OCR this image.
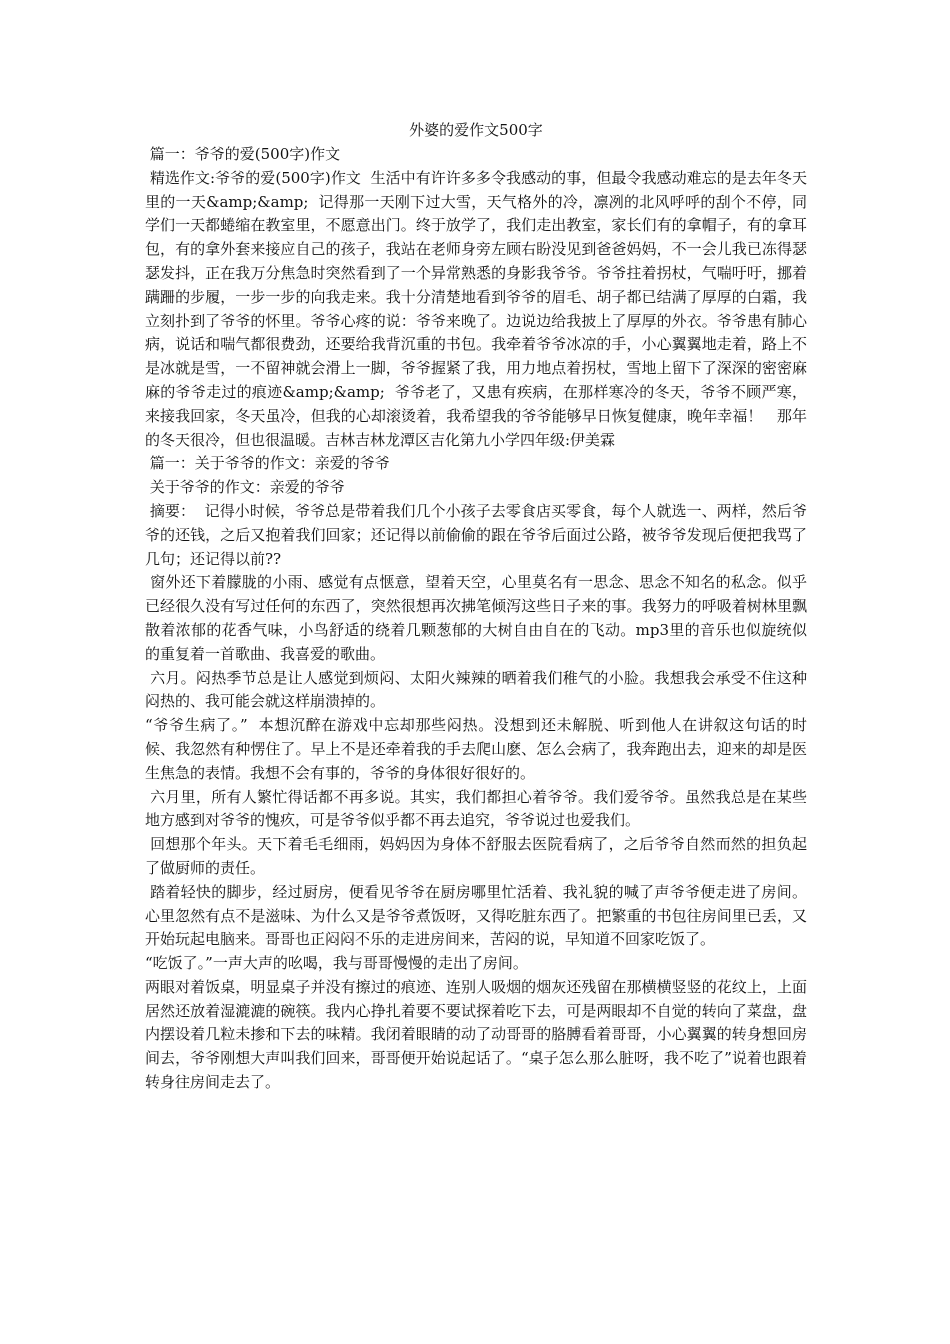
外婆的爱作文500字

篇一：爷爷的爱(500字)作文

精选作文:爷爷的爱(500字)作文  生活中有许许多多令我感动的事，但最令我感动难忘的是去年冬天里的一天&amp;&amp;  记得那一天刚下过大雪，天气格外的冷，凛冽的北风呼呼的刮个不停，同学们一天都蜷缩在教室里，不愿意出门。终于放学了，我们走出教室，家长们有的拿帽子，有的拿耳包，有的拿外套来接应自己的孩子，我站在老师身旁左顾右盼没见到爸爸妈妈，不一会儿我已冻得瑟瑟发抖，正在我万分焦急时突然看到了一个异常熟悉的身影我爷爷。爷爷拄着拐杖，气喘吁吁，挪着蹒跚的步履，一步一步的向我走来。我十分清楚地看到爷爷的眉毛、胡子都已结满了厚厚的白霜，我立刻扑到了爷爷的怀里。爷爷心疼的说：爷爷来晚了。边说边给我披上了厚厚的外衣。爷爷患有肺心病，说话和喘气都很费劲，还要给我背沉重的书包。我牵着爷爷冰凉的手，小心翼翼地走着，路上不是冰就是雪，一不留神就会滑上一脚，爷爷握紧了我，用力地点着拐杖，雪地上留下了深深的密密麻麻的爷爷走过的痕迹&amp;&amp;  爷爷老了，又患有疾病，在那样寒冷的冬天，爷爷不顾严寒，来接我回家，冬天虽冷，但我的心却滚烫着，我希望我的爷爷能够早日恢复健康，晚年幸福！   那年的冬天很冷，但也很温暖。吉林吉林龙潭区吉化第九小学四年级:伊美霖

篇一：关于爷爷的作文：亲爱的爷爷

关于爷爷的作文：亲爱的爷爷

摘要：  记得小时候，爷爷总是带着我们几个小孩子去零食店买零食，每个人就选一、两样，然后爷爷的还钱，之后又抱着我们回家；还记得以前偷偷的跟在爷爷后面过公路，被爷爷发现后便把我骂了几句；还记得以前??

窗外还下着朦胧的小雨、感觉有点惬意，望着天空，心里莫名有一思念、思念不知名的私念。似乎已经很久没有写过任何的东西了，突然很想再次拂笔倾泻这些日子来的事。我努力的呼吸着树林里飘散着浓郁的花香气味，小鸟舒适的绕着几颗葱郁的大树自由自在的飞动。mp3里的音乐也似旋统似的重复着一首歌曲、我喜爱的歌曲。

六月。闷热季节总是让人感觉到烦闷、太阳火辣辣的晒着我们稚气的小脸。我想我会承受不住这种闷热的、我可能会就这样崩溃掉的。

“爷爷生病了。”  本想沉醉在游戏中忘却那些闷热。没想到还未解脱、听到他人在讲叙这句话的时候、我忽然有种愣住了。早上不是还牵着我的手去爬山麽、怎么会病了，我奔跑出去，迎来的却是医生焦急的表情。我想不会有事的，爷爷的身体很好很好的。

六月里，所有人繁忙得话都不再多说。其实，我们都担心着爷爷。我们爱爷爷。虽然我总是在某些地方感到对爷爷的愧疚，可是爷爷似乎都不再去追究，爷爷说过也爱我们。

回想那个年头。天下着毛毛细雨，妈妈因为身体不舒服去医院看病了，之后爷爷自然而然的担负起了做厨师的责任。

踏着轻快的脚步，经过厨房，便看见爷爷在厨房哪里忙活着、我礼貌的喊了声爷爷便走进了房间。心里忽然有点不是滋味、为什么又是爷爷煮饭呀，又得吃脏东西了。把繁重的书包往房间里已丢，又开始玩起电脑来。哥哥也正闷闷不乐的走进房间来，苦闷的说，早知道不回家吃饭了。

“吃饭了。”一声大声的吆喝，我与哥哥慢慢的走出了房间。

两眼对着饭桌，明显桌子并没有擦过的痕迹、连别人吸烟的烟灰还残留在那横横竖竖的花纹上，上面居然还放着湿漉漉的碗筷。我内心挣扎着要不要试探着吃下去，可是两眼却不自觉的转向了菜盘，盘内摆设着几粒未掺和下去的味精。我闭着眼睛的动了动哥哥的胳膊看着哥哥，小心翼翼的转身想回房间去，爷爷刚想大声叫我们回来，哥哥便开始说起话了。“桌子怎么那么脏呀，我不吃了”说着也跟着转身往房间走去了。
